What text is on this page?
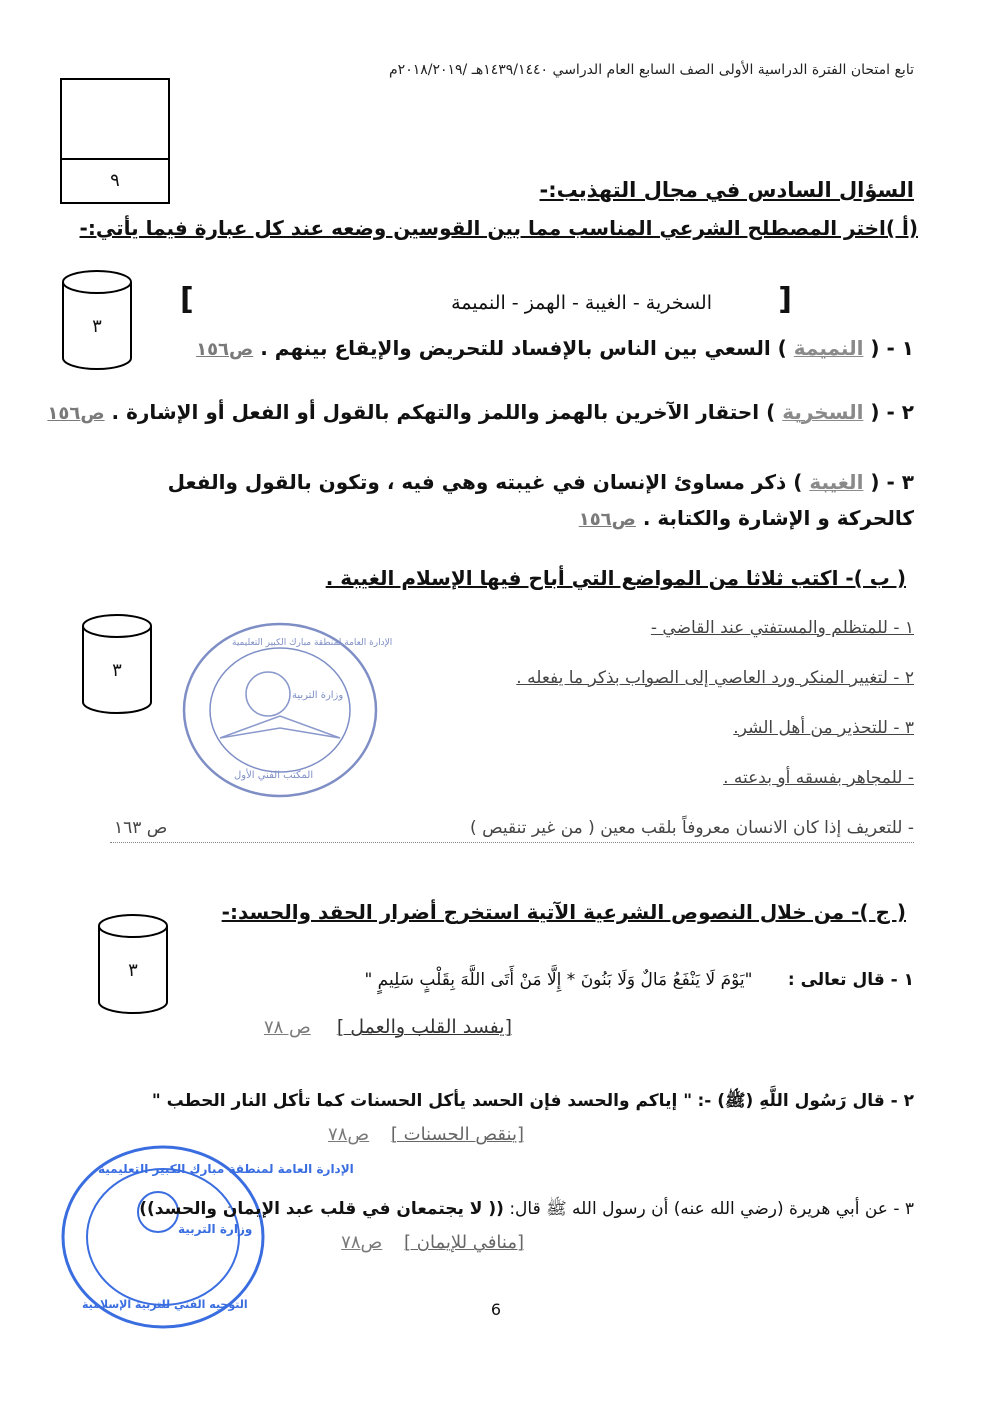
تابع امتحان الفترة الدراسية الأولى الصف السابع العام الدراسي ١٤٣٩/١٤٤٠هـ /٢٠١٨/٢٠١٩م
٩	السؤال السادس في مجال التهذيب:-
(أ )اختر المصطلح الشرعي المناسب مما بين القوسين وضعه عند كل عبارة فيما يأتي:-
٣
]
السخرية - الغيبة - الهمز - النميمة
[
١ - ( النميمة ) السعي بين الناس بالإفساد للتحريض والإيقاع بينهم . ص١٥٦
٢ - ( السخرية ) احتقار الآخرين بالهمز واللمز والتهكم بالقول أو الفعل أو الإشارة . ص١٥٦
٣ - ( الغيبة ) ذكر مساوئ الإنسان في غيبته وهي فيه ، وتكون بالقول والفعل
كالحركة و الإشارة والكتابة . ص١٥٦
( ب )- اكتب ثلاثا من المواضع التي أباح فيها الإسلام الغيبة .
٣
الإدارة العامة لمنطقة مبارك الكبير التعليمية
وزارة التربية
المكتب الفني الأول
١ - للمتظلم والمستفتي عند القاضي -
٢ - لتغيير المنكر ورد العاصي إلى الصواب بذكر ما يفعله .
٣ - للتحذير من أهل الشر.
- للمجاهر بفسقه أو بدعته .
- للتعريف إذا كان الانسان معروفاً بلقب معين ( من غير تنقيص )
ص ١٦٣
( ج )- من خلال النصوص الشرعية الآتية استخرج أضرار الحقد والحسد:-
٣	١ - قال تعالى : "يَوْمَ لَا يَنْفَعُ مَالٌ وَلَا بَنُونَ * إِلَّا مَنْ أَتَى اللَّهَ بِقَلْبٍ سَلِيمٍ "
[يفسد القلب والعمل ] ص ٧٨
٢ - قال رَسُول اللَّهِ (ﷺ) -: " إياكم والحسد فإن الحسد يأكل الحسنات كما تأكل النار الحطب "
[ينقص الحسنات ] ص٧٨
الإدارة العامة لمنطقة مبارك الكبير التعليمية
وزارة التربية
التوجيه الفني للتربية الإسلامية
٣ - عن أبي هريرة (رضي الله عنه) أن رسول الله ﷺ قال: (( لا يجتمعان في قلب عبد الإيمان والحسد))
[منافي للإيمان ] ص٧٨
6
